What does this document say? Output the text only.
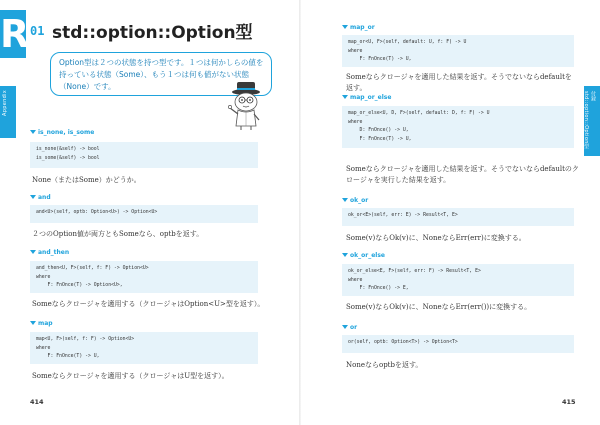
R 01 std::option::Option型

Option型は２つの状態を持つ型です。１つは何かしらの値を持っている状態（Some）、もう１つは何も値がない状態（None）です。

Appendix
is_none, is_some
is_none(&self) -> bool
is_some(&self) -> bool
None（またはSome）かどうか。
and
and<U>(self, optb: Option<U>) -> Option<U>
２つのOption値が両方ともSomeなら、optbを返す。
and_then
and_then<U, F>(self, f: F) -> Option<U>
where
F: FnOnce(T) -> Option<U>,
Someならクロージャを適用する（クロージャはOption<U>型を返す）。
map
map<U, F>(self, f: F) -> Option<U>
where
F: FnOnce(T) -> U,
Someならクロージャを適用する（クロージャはU型を返す）。
414
付録 std::option::Option型
map_or
map_or<U, F>(self, default: U, f: F) -> U
where
F: FnOnce(T) -> U,
Someならクロージャを適用した結果を返す。そうでないならdefaultを返す。
map_or_else
map_or_else<U, D, F>(self, default: D, f: F) -> U
where
D: FnOnce() -> U,
F: FnOnce(T) -> U,
Someならクロージャを適用した結果を返す。そうでないならdefaultのクロージャを実行した結果を返す。
ok_or
ok_or<E>(self, err: E) -> Result<T, E>
Some(v)ならOk(v)に、NoneならErr(err)に変換する。
ok_or_else
ok_or_else<E, F>(self, err: F) -> Result<T, E>
where
F: FnOnce() -> E,
Some(v)ならOk(v)に、NoneならErr(err())に変換する。
or
or(self, optb: Option<T>) -> Option<T>
Noneならoptbを返す。
415
